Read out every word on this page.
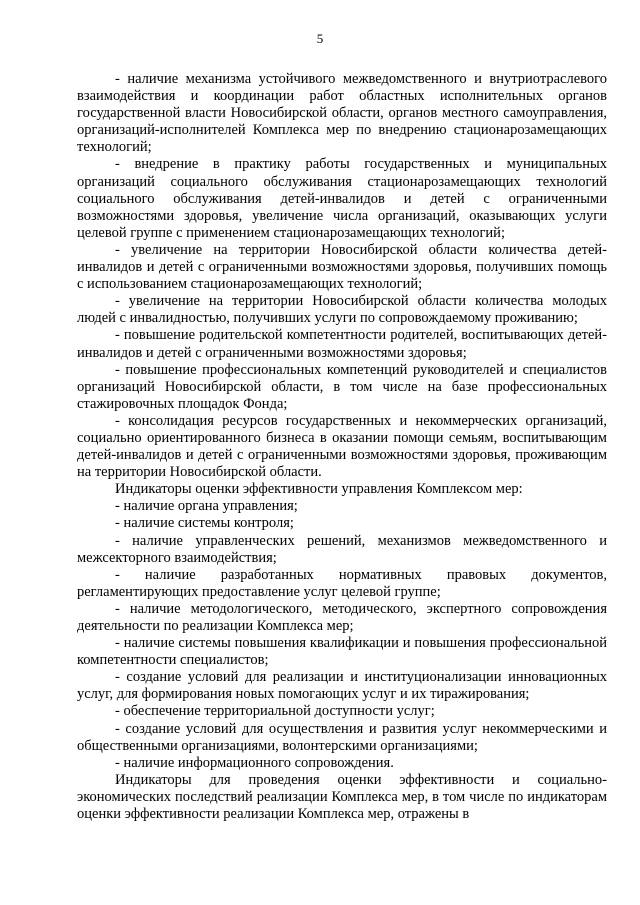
5

- наличие механизма устойчивого межведомственного и внутриотраслевого взаимодействия и координации работ областных исполнительных органов государственной власти Новосибирской области, органов местного самоуправления, организаций-исполнителей Комплекса мер по внедрению стационарозамещающих технологий;

- внедрение в практику работы государственных и муниципальных организаций социального обслуживания стационарозамещающих технологий социального обслуживания детей-инвалидов и детей с ограниченными возможностями здоровья, увеличение числа организаций, оказывающих услуги целевой группе с применением стационарозамещающих технологий;

- увеличение на территории Новосибирской области количества детей-инвалидов и детей с ограниченными возможностями здоровья, получивших помощь с использованием стационарозамещающих технологий;

- увеличение на территории Новосибирской области количества молодых людей с инвалидностью, получивших услуги по сопровождаемому проживанию;

- повышение родительской компетентности родителей, воспитывающих детей-инвалидов и детей с ограниченными возможностями здоровья;

- повышение профессиональных компетенций руководителей и специалистов организаций Новосибирской области, в том числе на базе профессиональных стажировочных площадок Фонда;

- консолидация ресурсов государственных и некоммерческих организаций, социально ориентированного бизнеса в оказании помощи семьям, воспитывающим детей-инвалидов и детей с ограниченными возможностями здоровья, проживающим на территории Новосибирской области.

Индикаторы оценки эффективности управления Комплексом мер:

- наличие органа управления;

- наличие системы контроля;

- наличие управленческих решений, механизмов межведомственного и межсекторного взаимодействия;

- наличие разработанных нормативных правовых документов, регламентирующих предоставление услуг целевой группе;

- наличие методологического, методического, экспертного сопровождения деятельности по реализации Комплекса мер;

- наличие системы повышения квалификации и повышения профессиональной компетентности специалистов;

- создание условий для реализации и институционализации инновационных услуг, для формирования новых помогающих услуг и их тиражирования;

- обеспечение территориальной доступности услуг;

- создание условий для осуществления и развития услуг некоммерческими и общественными организациями, волонтерскими организациями;

- наличие информационного сопровождения.

Индикаторы для проведения оценки эффективности и социально-экономических последствий реализации Комплекса мер, в том числе по индикаторам оценки эффективности реализации Комплекса мер, отражены в
